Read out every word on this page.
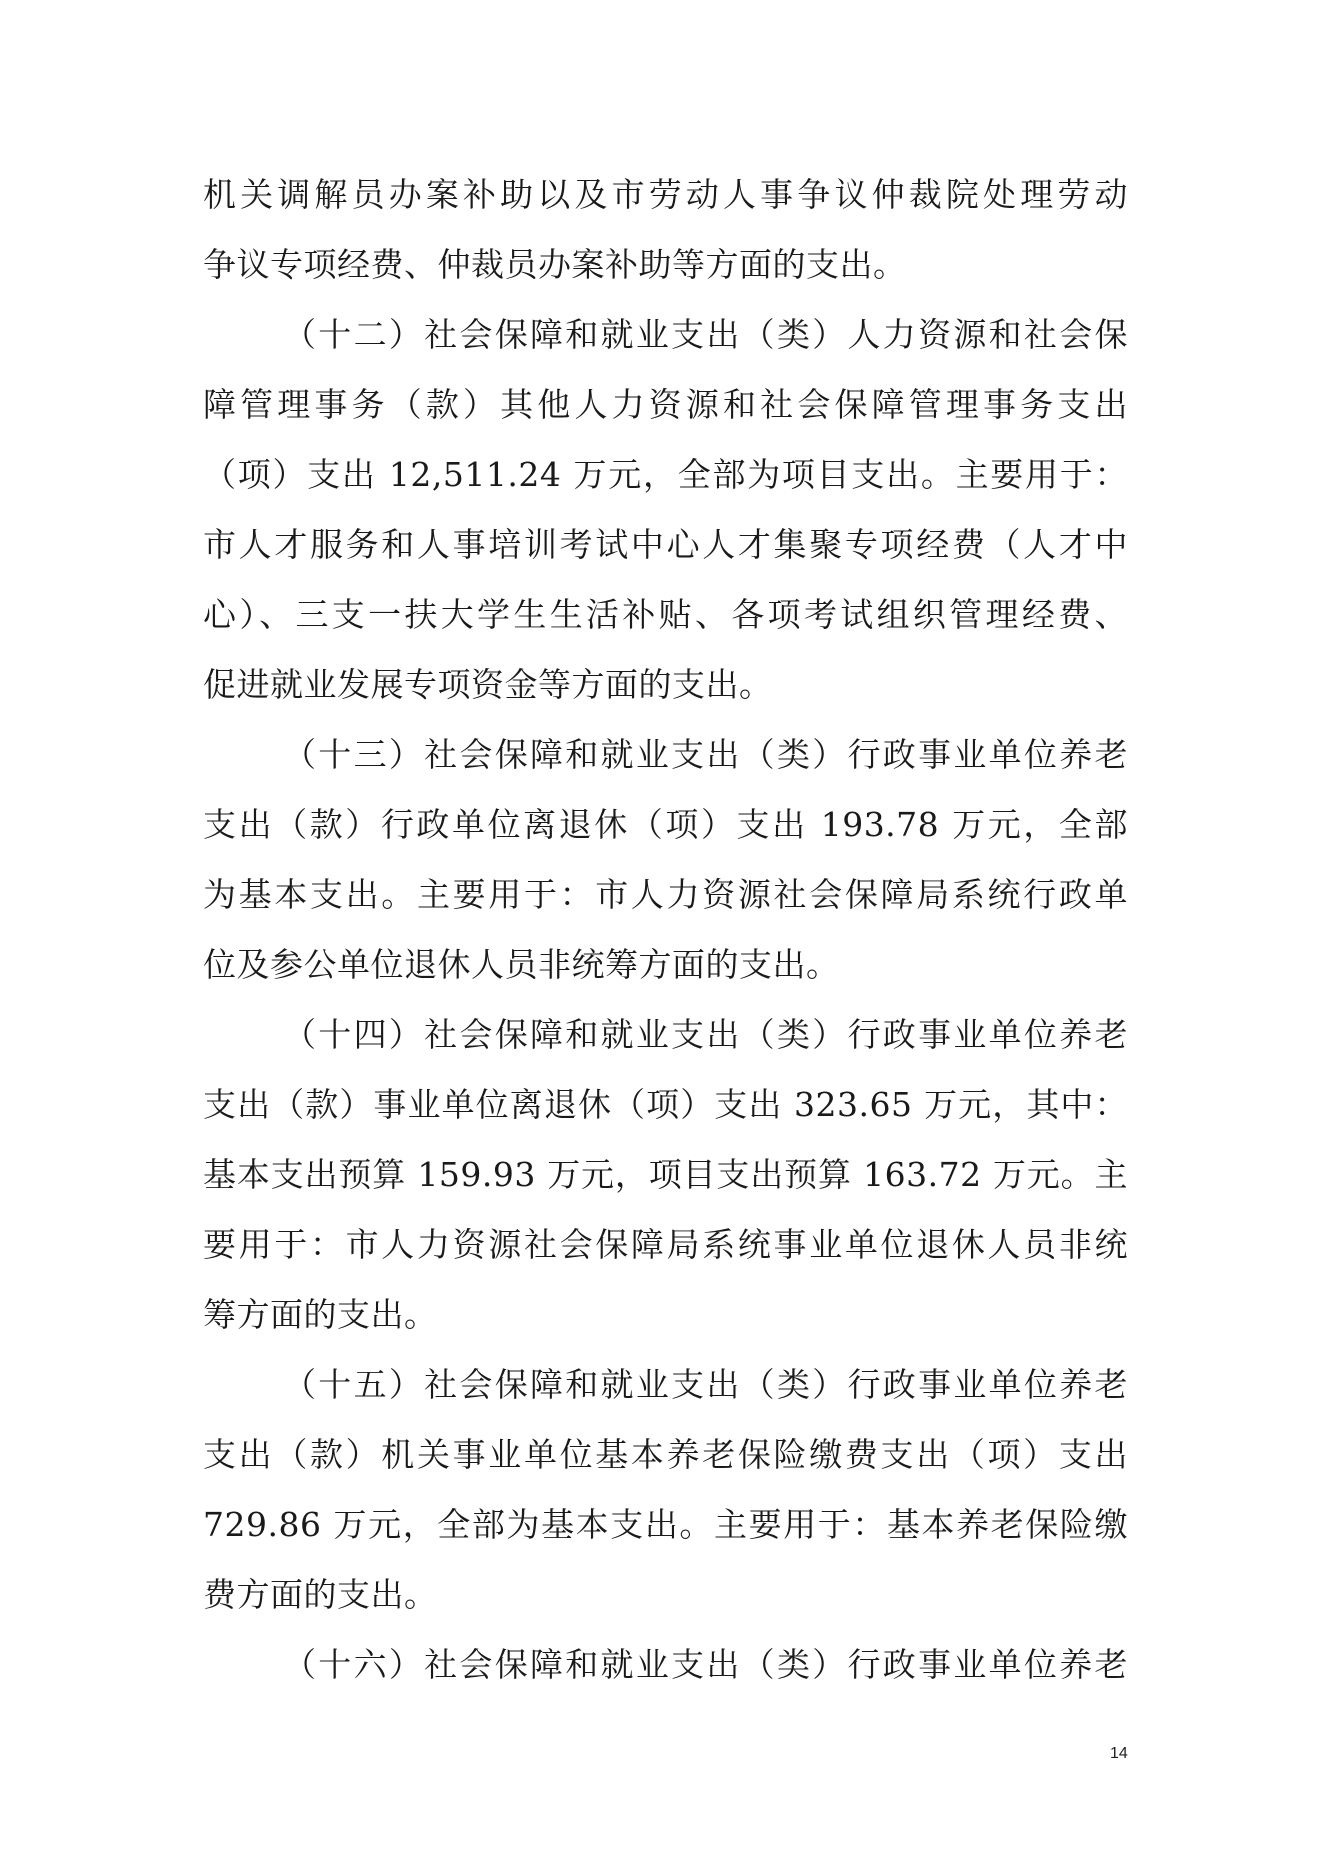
机关调解员办案补助以及市劳动人事争议仲裁院处理劳动
争议专项经费、仲裁员办案补助等方面的支出。
（十二）社会保障和就业支出（类）人力资源和社会保
障管理事务（款）其他人力资源和社会保障管理事务支出
（项）支出 12,511.24 万元，全部为项目支出。主要用于：
市人才服务和人事培训考试中心人才集聚专项经费（人才中
心）、三支一扶大学生生活补贴、各项考试组织管理经费、
促进就业发展专项资金等方面的支出。
（十三）社会保障和就业支出（类）行政事业单位养老
支出（款）行政单位离退休（项）支出 193.78 万元，全部
为基本支出。主要用于：市人力资源社会保障局系统行政单
位及参公单位退休人员非统筹方面的支出。
（十四）社会保障和就业支出（类）行政事业单位养老
支出（款）事业单位离退休（项）支出 323.65 万元，其中：
基本支出预算 159.93 万元，项目支出预算 163.72 万元。主
要用于：市人力资源社会保障局系统事业单位退休人员非统
筹方面的支出。
（十五）社会保障和就业支出（类）行政事业单位养老
支出（款）机关事业单位基本养老保险缴费支出（项）支出
729.86 万元，全部为基本支出。主要用于：基本养老保险缴
费方面的支出。
（十六）社会保障和就业支出（类）行政事业单位养老
14
